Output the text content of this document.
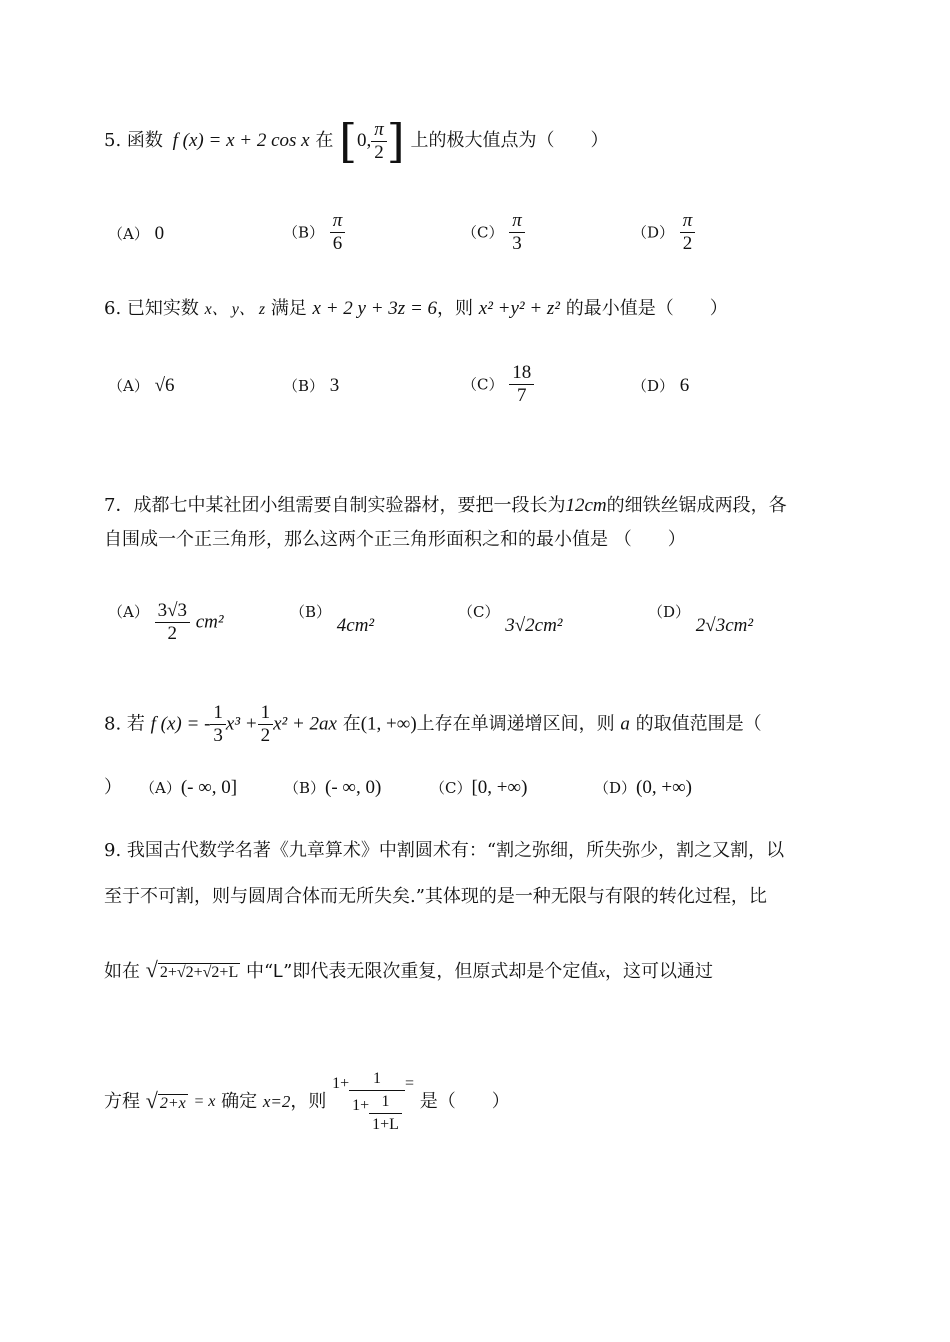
5. 函数 f (x) = x + 2 cos x 在 [0, $\frac{\pi}{2}$ ] 上的极大值点为（　　）
（A） 0	$(B) \frac{\pi}{6}$	$(C) \frac{\pi}{3}$	$(D) \frac{\pi}{2}$
6. 已知实数 x、 y、 z 满足 x + 2 y + 3z = 6，则 x² +y² + z² 的最小值是（　　）
（A） √6	（B） 3	$(C) \frac{18}{7}$	（D） 6
7．成都七中某社团小组需要自制实验器材，要把一段长为12cm的细铁丝锯成两段，各
自围成一个正三角形，那么这两个正三角形面积之和的最小值是 （　　）
$^{(A)} \frac{3√3}{2} cm^2$	$^{(B)}$ 4cm²
$^{(C)}$ 3√2cm²
$^{(D)}$ 2√3cm²
8. 若 f (x) = - $\frac{1}{3} x^3 + \frac{1}{2} x^2 + 2ax$ 在(1, +∞)上存在单调递增区间，则 a 的取值范围是（
） （A）(- ∞, 0]	（B）(- ∞, 0)	（C）[0, +∞)	（D）(0, +∞)
9. 我国古代数学名著《九章算术》中割圆术有：“割之弥细，所失弥少，割之又割，以
至于不可割，则与圆周合体而无所失矣.”其体现的是一种无限与有限的转化过程，比
如在 √ 2+√2+√2+L 中“L”即代表无限次重复，但原式却是个定值x，这可以通过
方程 √ 2+x = x 确定 x=2，则 $1+ \frac{1}{1+ \frac{1}{1+L}}$ = 是（　　）
